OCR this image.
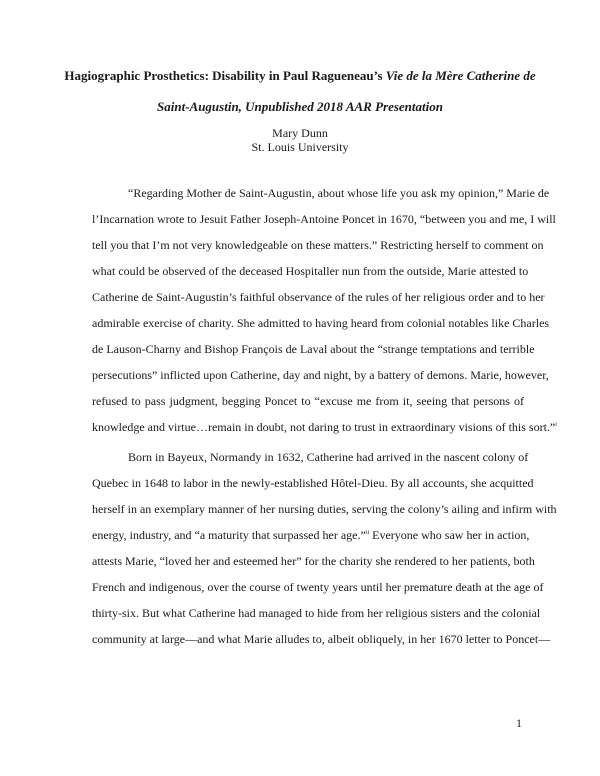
Hagiographic Prosthetics: Disability in Paul Ragueneau’s Vie de la Mère Catherine de
Saint-Augustin, Unpublished 2018 AAR Presentation
Mary Dunn
St. Louis University
“Regarding Mother de Saint-Augustin, about whose life you ask my opinion,” Marie de
l’Incarnation wrote to Jesuit Father Joseph-Antoine Poncet in 1670, “between you and me, I will
tell you that I’m not very knowledgeable on these matters.” Restricting herself to comment on
what could be observed of the deceased Hospitaller nun from the outside, Marie attested to
Catherine de Saint-Augustin’s faithful observance of the rules of her religious order and to her
admirable exercise of charity. She admitted to having heard from colonial notables like Charles
de Lauson-Charny and Bishop François de Laval about the “strange temptations and terrible
persecutions” inflicted upon Catherine, day and night, by a battery of demons. Marie, however,
refused to pass judgment, begging Poncet to “excuse me from it, seeing that persons of
knowledge and virtue…remain in doubt, not daring to trust in extraordinary visions of this sort.”$^i$
Born in Bayeux, Normandy in 1632, Catherine had arrived in the nascent colony of
Quebec in 1648 to labor in the newly-established Hôtel-Dieu. By all accounts, she acquitted
herself in an exemplary manner of her nursing duties, serving the colony’s ailing and infirm with
energy, industry, and “a maturity that surpassed her age.”$^{ii}$ Everyone who saw her in action,
attests Marie, “loved her and esteemed her” for the charity she rendered to her patients, both
French and indigenous, over the course of twenty years until her premature death at the age of
thirty-six. But what Catherine had managed to hide from her religious sisters and the colonial
community at large—and what Marie alludes to, albeit obliquely, in her 1670 letter to Poncet—
1
